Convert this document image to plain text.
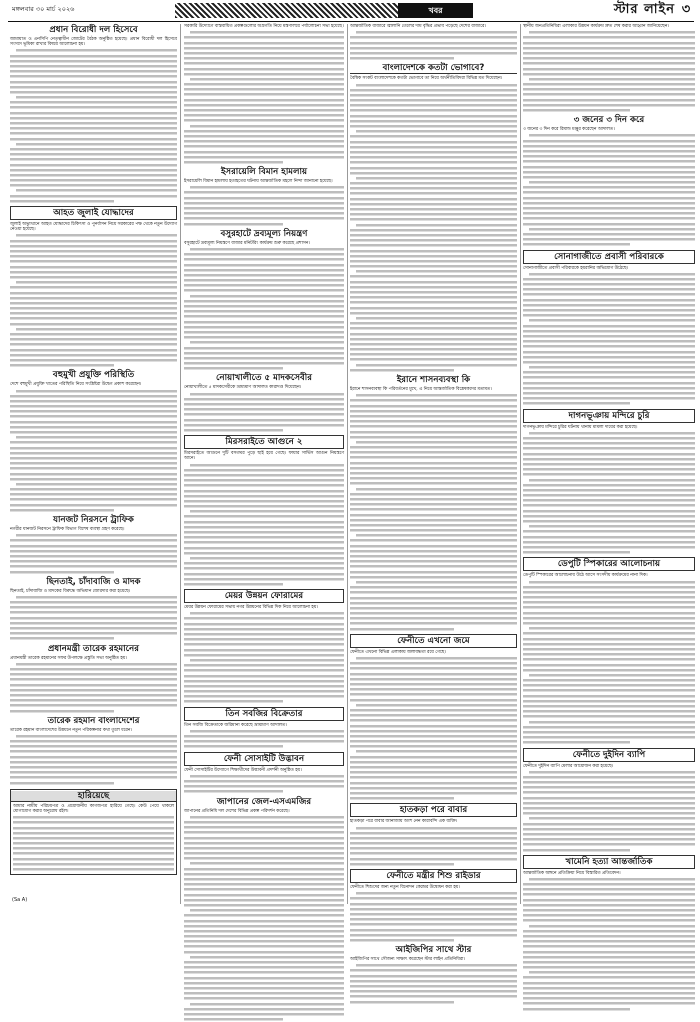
মঙ্গলবার ৩০ মার্চ ২০২৬	খবর	স্টার লাইন ৩
প্রধান বিরোধী দল হিসেবে
জামায়াত ও এনসিপি নেতৃত্বাধীন জোটের বৈঠক অনুষ্ঠিত হয়েছে। প্রধান বিরোধী দল হিসেবে সংসদে ভূমিকা রাখার বিষয়ে আলোচনা হয়।
আহত জুলাই যোদ্ধাদের
জুলাই অভ্যুত্থানে আহত যোদ্ধাদের চিকিৎসা ও পুনর্বাসন নিয়ে সরকারের পক্ষ থেকে নতুন উদ্যোগ নেওয়া হয়েছে।
বহুমুখী প্রযুক্তি পরিস্থিতি
দেশে বহুমুখী প্রযুক্তি খাতের পরিস্থিতি নিয়ে সংশ্লিষ্টরা উদ্বেগ প্রকাশ করেছেন।
যানজট নিরসনে ট্রাফিক
নগরীর যানজট নিরসনে ট্রাফিক বিভাগ বিশেষ ব্যবস্থা গ্রহণ করেছে।
ছিনতাই, চাঁদাবাজি ও মাদক
ছিনতাই, চাঁদাবাজি ও মাদকের বিরুদ্ধে অভিযান জোরদার করা হয়েছে।
প্রধানমন্ত্রী তারেক রহমানের
প্রধানমন্ত্রী তারেক রহমানের সফর উপলক্ষে প্রস্তুতি সভা অনুষ্ঠিত হয়।
তারেক রহমান বাংলাদেশের
তারেক রহমান বাংলাদেশের উন্নয়নে নতুন পরিকল্পনার কথা তুলে ধরেন।
হারিয়েছে
আমার নামীয় পরিচয়পত্র ও প্রয়োজনীয় কাগজপত্র হারিয়ে গেছে। কেউ পেয়ে থাকলে যোগাযোগ করার অনুরোধ রইল।
সরকারি উদ্যোগে বাস্তবায়িত প্রকল্পগুলোর অগ্রগতি নিয়ে মন্ত্রণালয়ে পর্যালোচনা সভা হয়েছে।
ইসরায়েলি বিমান হামলায়
ইসরায়েলি বিমান হামলায় হতাহতের ঘটনায় আন্তর্জাতিক মহলে নিন্দা জানানো হয়েছে।
বসুরহাটে দ্রব্যমূল্য নিয়ন্ত্রণ
বসুরহাটে দ্রব্যমূল্য নিয়ন্ত্রণে বাজার মনিটরিং কার্যক্রম শুরু করেছে প্রশাসন।
নোয়াখালীতে ৫ মাদকসেবীর
নোয়াখালীতে ৫ মাদকসেবীকে ভ্রাম্যমাণ আদালত কারাদণ্ড দিয়েছেন।
মিরসরাইতে আগুনে ২
মিরসরাইতে আগুনে দুটি বসতঘর পুড়ে ছাই হয়ে গেছে। ফায়ার সার্ভিস আগুন নিয়ন্ত্রণে আনে।
মেয়র উন্নয়ন ফোরামের
মেয়র উন্নয়ন ফোরামের সভায় নগর উন্নয়নের বিভিন্ন দিক নিয়ে আলোচনা হয়।
তিন সবজির বিক্রেতার
তিন সবজি বিক্রেতাকে জরিমানা করেছে ভ্রাম্যমাণ আদালত।
ফেনী সোসাইটি উদ্ভাবন
ফেনী সোসাইটির উদ্যোগে শিক্ষার্থীদের উদ্ভাবনী প্রদর্শনী অনুষ্ঠিত হয়।
জাপানের জেল-এসএমজির
জাপানের প্রতিনিধি দল দেশের বিভিন্ন প্রকল্প পরিদর্শন করেছে।
আন্তর্জাতিক বাজারে জ্বালানি তেলের দাম বৃদ্ধির প্রভাব পড়েছে দেশের বাজারে।
বাংলাদেশকে কতটা ভোগাবে?
বৈশ্বিক সংকট বাংলাদেশকে কতটা ভোগাবে তা নিয়ে অর্থনীতিবিদরা বিভিন্ন মত দিয়েছেন।
ইরানে শাসনব্যবস্থা কি
ইরানে শাসনব্যবস্থা কি পরিবর্তনের মুখে, এ নিয়ে আন্তর্জাতিক বিশ্লেষকদের মতামত।
ফেনীতে এখনো জমে
ফেনীতে এখনো বিভিন্ন এলাকায় জলাবদ্ধতা রয়ে গেছে।
হাতকড়া পরে বাবার
হাতকড়া পরে বাবার জানাজায় অংশ নেন কারাবন্দি এক ব্যক্তি।
ফেনীতে মন্ত্রীর শিশু রাইডার
ফেনীতে শিশুদের জন্য নতুন বিনোদন কেন্দ্রের উদ্বোধন করা হয়।
আইজিপির সাথে স্টার
আইজিপির সাথে সৌজন্য সাক্ষাৎ করেছেন স্টার লাইন প্রতিনিধিরা।
স্থানীয় জনপ্রতিনিধিরা এলাকার উন্নয়ন কার্যক্রম দ্রুত শেষ করার আহ্বান জানিয়েছেন।
৩ জনের ৩ দিন করে
৩ জনের ৩ দিন করে রিমান্ড মঞ্জুর করেছেন আদালত।
সোনাগাজীতে প্রবাসী পরিবারকে
সোনাগাজীতে প্রবাসী পরিবারকে হয়রানির অভিযোগ উঠেছে।
দাগনভূঞায় মন্দিরে চুরি
দাগনভূঞায় মন্দিরে চুরির ঘটনায় থানায় মামলা দায়ের করা হয়েছে।
ডেপুটি স্পিকারের আলোচনায়
ডেপুটি স্পিকারের আলোচনায় উঠে আসে সংসদীয় কার্যক্রমের নানা দিক।
ফেনীতে দুইদিন ব্যাপি
ফেনীতে দুইদিন ব্যাপি মেলার আয়োজন করা হয়েছে।
খামেনি হত্যা আন্তর্জাতিক
আন্তর্জাতিক অঙ্গনে প্রতিক্রিয়া নিয়ে বিস্তারিত প্রতিবেদন।
(Sa A)
